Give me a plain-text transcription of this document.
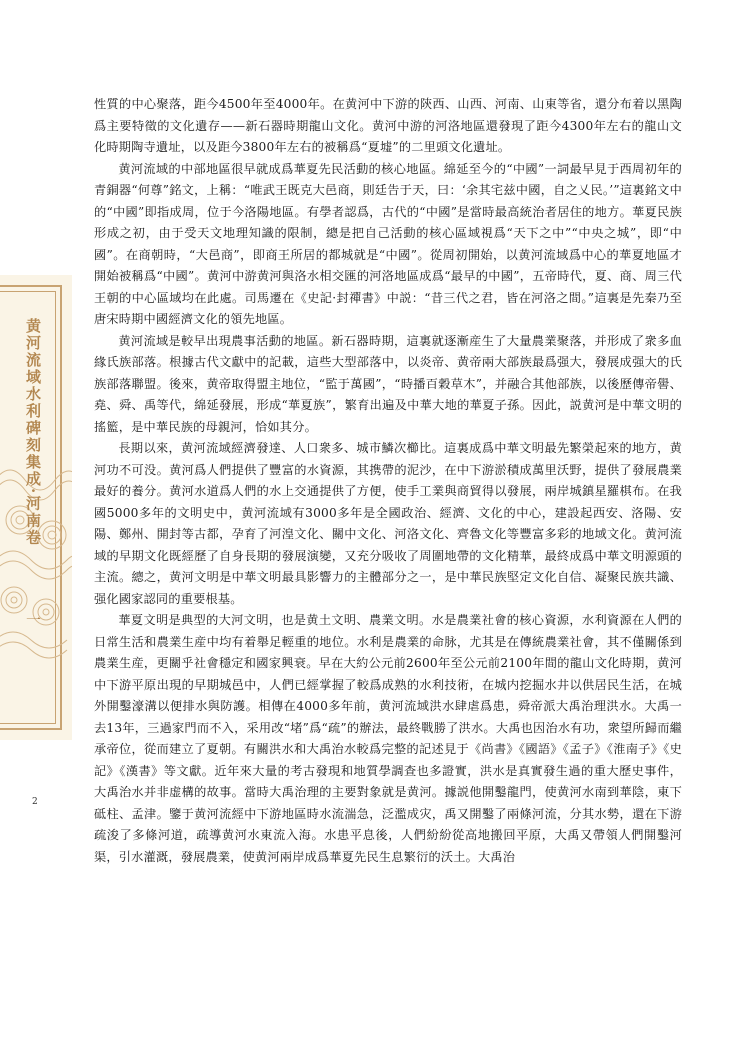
黄河流域水利碑刻集成·河南卷
一
2

性質的中心聚落，距今4500年至4000年。在黄河中下游的陝西、山西、河南、山東等省，還分布着以黑陶爲主要特徵的文化遺存——新石器時期龍山文化。黄河中游的河洛地區還發現了距今4300年左右的龍山文化時期陶寺遺址，以及距今3800年左右的被稱爲“夏墟”的二里頭文化遺址。

黄河流域的中部地區很早就成爲華夏先民活動的核心地區。綿延至今的“中國”一詞最早見于西周初年的青銅器“何尊”銘文，上稱：“唯武王既克大邑商，則廷告于天，曰：‘余其宅兹中國，自之乂民。’”這裏銘文中的“中國”即指成周，位于今洛陽地區。有學者認爲，古代的“中國”是當時最高統治者居住的地方。華夏民族形成之初，由于受天文地理知識的限制，總是把自己活動的核心區域視爲“天下之中”“中央之城”，即“中國”。在商朝時，“大邑商”，即商王所居的都城就是“中國”。從周初開始，以黄河流域爲中心的華夏地區才開始被稱爲“中國”。黄河中游黄河與洛水相交匯的河洛地區成爲“最早的中國”，五帝時代，夏、商、周三代王朝的中心區域均在此處。司馬遷在《史記·封禪書》中説：“昔三代之君，皆在河洛之間。”這裏是先秦乃至唐宋時期中國經濟文化的領先地區。

黄河流域是較早出現農事活動的地區。新石器時期，這裏就逐漸産生了大量農業聚落，并形成了衆多血緣氏族部落。根據古代文獻中的記載，這些大型部落中，以炎帝、黄帝兩大部族最爲强大，發展成强大的氏族部落聯盟。後來，黄帝取得盟主地位，“監于萬國”，“時播百穀草木”，并融合其他部族，以後歷傳帝嚳、堯、舜、禹等代，綿延發展，形成“華夏族”，繁育出遍及中華大地的華夏子孫。因此，説黄河是中華文明的搖籃，是中華民族的母親河，恰如其分。

長期以來，黄河流域經濟發達、人口衆多、城市鱗次櫛比。這裏成爲中華文明最先繁榮起來的地方，黄河功不可没。黄河爲人們提供了豐富的水資源，其携帶的泥沙，在中下游淤積成萬里沃野，提供了發展農業最好的養分。黄河水道爲人們的水上交通提供了方便，使手工業與商貿得以發展，兩岸城鎮星羅棋布。在我國5000多年的文明史中，黄河流域有3000多年是全國政治、經濟、文化的中心，建設起西安、洛陽、安陽、鄭州、開封等古都，孕育了河湟文化、關中文化、河洛文化、齊魯文化等豐富多彩的地域文化。黄河流域的早期文化既經歷了自身長期的發展演變，又充分吸收了周圍地帶的文化精華，最終成爲中華文明源頭的主流。總之，黄河文明是中華文明最具影響力的主體部分之一，是中華民族堅定文化自信、凝聚民族共識、强化國家認同的重要根基。

華夏文明是典型的大河文明，也是黄土文明、農業文明。水是農業社會的核心資源，水利資源在人們的日常生活和農業生産中均有着舉足輕重的地位。水利是農業的命脉，尤其是在傳統農業社會，其不僅關係到農業生産，更關乎社會穩定和國家興衰。早在大約公元前2600年至公元前2100年間的龍山文化時期，黄河中下游平原出現的早期城邑中，人們已經掌握了較爲成熟的水利技術，在城内挖掘水井以供居民生活，在城外開鑿濠溝以便排水與防護。相傳在4000多年前，黄河流域洪水肆虐爲患，舜帝派大禹治理洪水。大禹一去13年，三過家門而不入，采用改“堵”爲“疏”的辦法，最終戰勝了洪水。大禹也因治水有功，衆望所歸而繼承帝位，從而建立了夏朝。有關洪水和大禹治水較爲完整的記述見于《尚書》《國語》《孟子》《淮南子》《史記》《漢書》等文獻。近年來大量的考古發現和地質學調查也多證實，洪水是真實發生過的重大歷史事件，大禹治水并非虚構的故事。當時大禹治理的主要對象就是黄河。據説他開鑿龍門，使黄河水南到華陰，東下砥柱、孟津。鑒于黄河流經中下游地區時水流湍急，泛濫成灾，禹又開鑿了兩條河流，分其水勢，還在下游疏浚了多條河道，疏導黄河水東流入海。水患平息後，人們紛紛從高地搬回平原，大禹又帶領人們開鑿河渠，引水灌溉，發展農業，使黄河兩岸成爲華夏先民生息繁衍的沃土。大禹治
